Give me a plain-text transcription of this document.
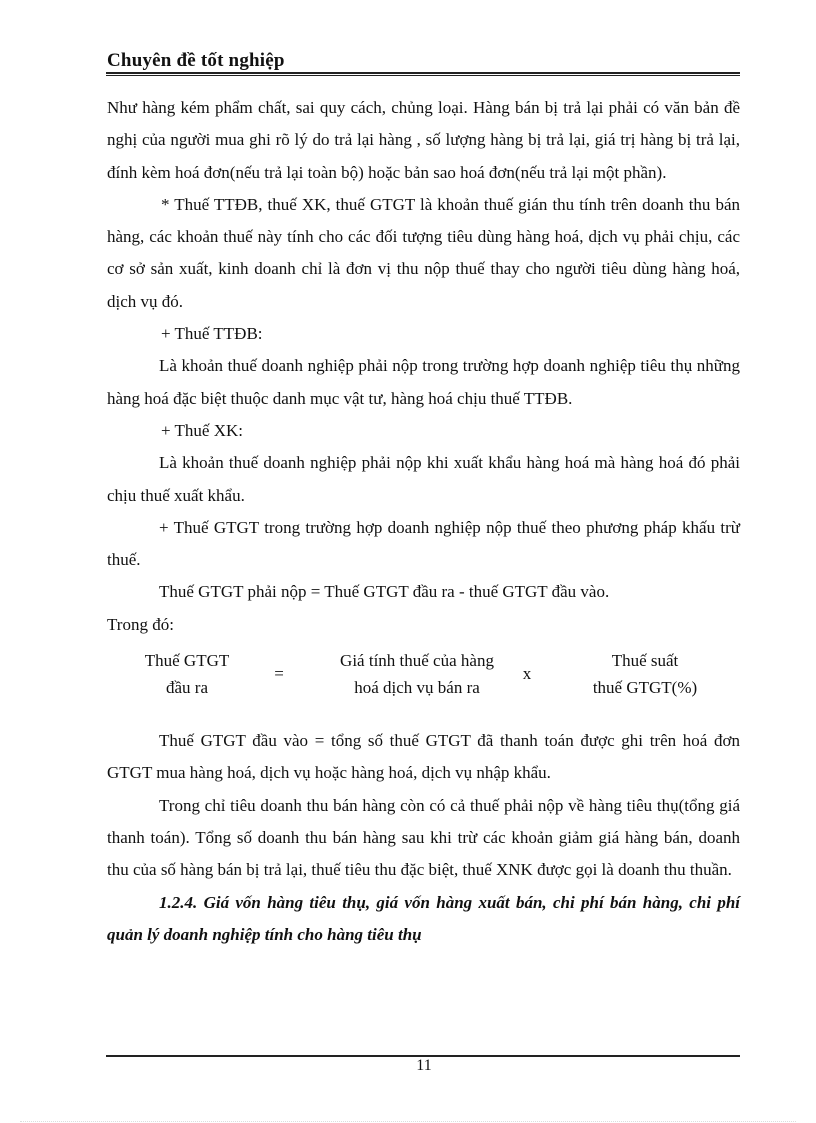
Chuyên đề tốt nghiệp

Như hàng kém phẩm chất, sai quy cách, chủng loại. Hàng bán bị trả lại phải có văn bản đề nghị của người mua ghi rõ lý do trả lại hàng , số lượng hàng bị trả lại, giá trị hàng bị trả lại, đính kèm hoá đơn(nếu trả lại toàn bộ) hoặc bản sao hoá đơn(nếu trả lại một phần).

* Thuế TTĐB, thuế XK, thuế GTGT là khoản thuế gián thu tính trên doanh thu bán hàng, các khoản thuế này tính cho các đối tượng tiêu dùng hàng hoá, dịch vụ phải chịu, các cơ sở sản xuất, kinh doanh chỉ là đơn vị thu nộp thuế thay cho người tiêu dùng hàng hoá, dịch vụ đó.

+ Thuế TTĐB:

Là khoản thuế doanh nghiệp phải nộp trong trường hợp doanh nghiệp tiêu thụ những hàng hoá đặc biệt thuộc danh mục vật tư, hàng hoá chịu thuế TTĐB.

+ Thuế XK:

Là khoản thuế doanh nghiệp phải nộp khi xuất khẩu hàng hoá mà hàng hoá đó phải chịu thuế xuất khẩu.

+ Thuế GTGT trong trường hợp doanh nghiệp nộp thuế theo phương pháp khấu trừ thuế.

Thuế GTGT phải nộp = Thuế GTGT đầu ra - thuế GTGT đầu vào.

Trong đó:

Thuế GTGT
đầu ra
=
Giá tính thuế của hàng
hoá dịch vụ bán ra
x
Thuế suất
thuế GTGT(%)

Thuế GTGT đầu vào = tổng số thuế GTGT đã thanh toán được ghi trên hoá đơn GTGT mua hàng hoá, dịch vụ hoặc hàng hoá, dịch vụ nhập khẩu.

Trong chỉ tiêu doanh thu bán hàng còn có cả thuế phải nộp về hàng tiêu thụ(tổng giá thanh toán). Tổng số doanh thu bán hàng sau khi trừ các khoản giảm giá hàng bán, doanh thu của số hàng bán bị trả lại, thuế tiêu thu đặc biệt, thuế XNK được gọi là doanh thu thuần.

1.2.4. Giá vốn hàng tiêu thụ, giá vốn hàng xuất bán, chi phí bán hàng, chi phí quản lý doanh nghiệp tính cho hàng tiêu thụ

11
